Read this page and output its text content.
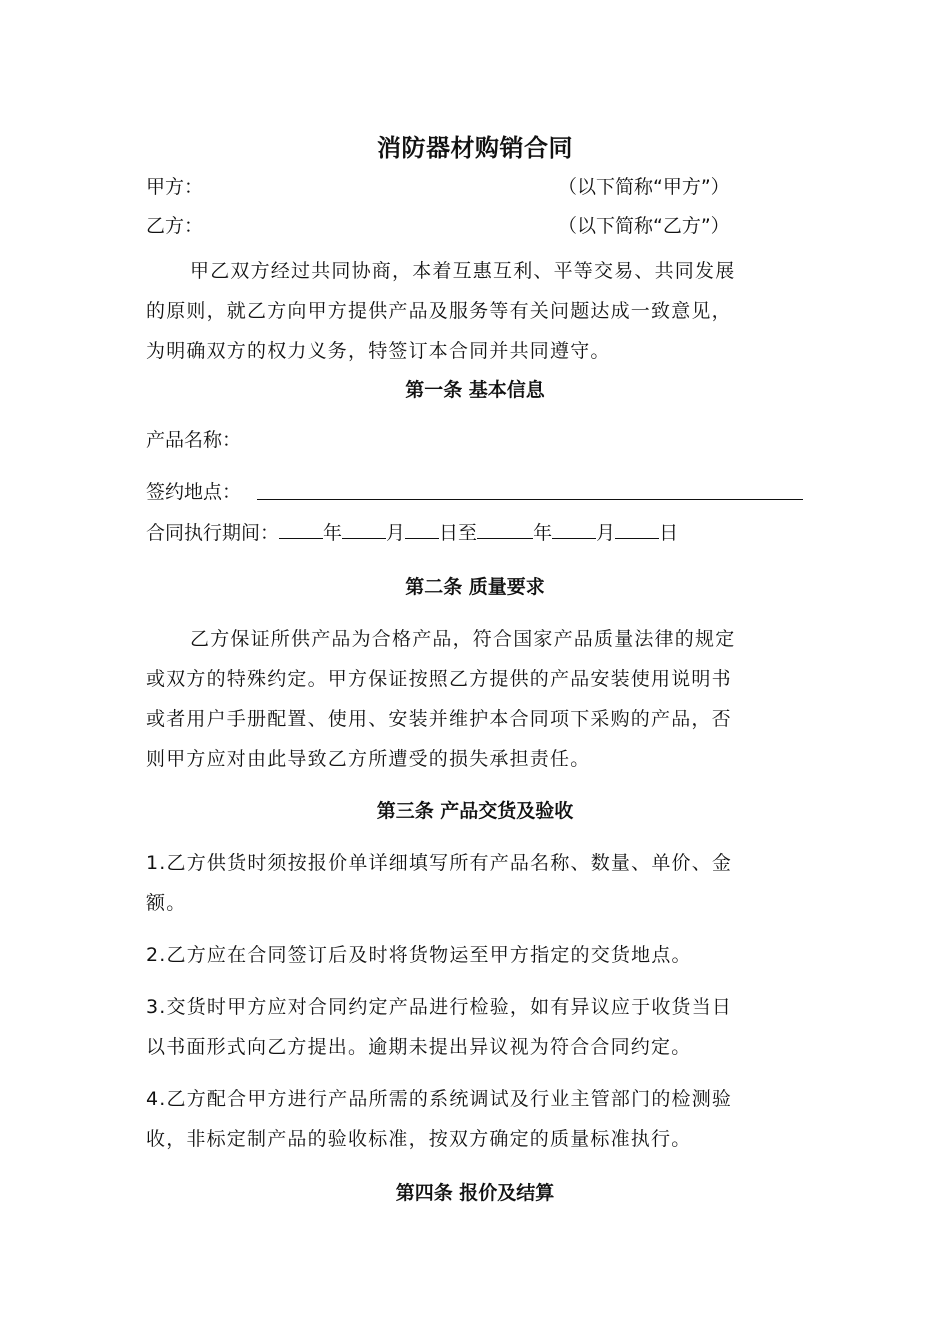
消防器材购销合同
甲方：	（以下简称“甲方”）
乙方：	（以下简称“乙方”）
甲乙双方经过共同协商，本着互惠互利、平等交易、共同发展
的原则，就乙方向甲方提供产品及服务等有关问题达成一致意见，
为明确双方的权力义务，特签订本合同并共同遵守。
第一条 基本信息
产品名称：
签约地点：
合同执行期间： 年 月 日至	年 月 日
第二条 质量要求
乙方保证所供产品为合格产品，符合国家产品质量法律的规定
或双方的特殊约定。甲方保证按照乙方提供的产品安装使用说明书
或者用户手册配置、使用、安装并维护本合同项下采购的产品，否
则甲方应对由此导致乙方所遭受的损失承担责任。
第三条 产品交货及验收
1.乙方供货时须按报价单详细填写所有产品名称、数量、单价、金
额。
2.乙方应在合同签订后及时将货物运至甲方指定的交货地点。
3.交货时甲方应对合同约定产品进行检验，如有异议应于收货当日
以书面形式向乙方提出。逾期未提出异议视为符合合同约定。
4.乙方配合甲方进行产品所需的系统调试及行业主管部门的检测验
收，非标定制产品的验收标准，按双方确定的质量标准执行。
第四条 报价及结算
